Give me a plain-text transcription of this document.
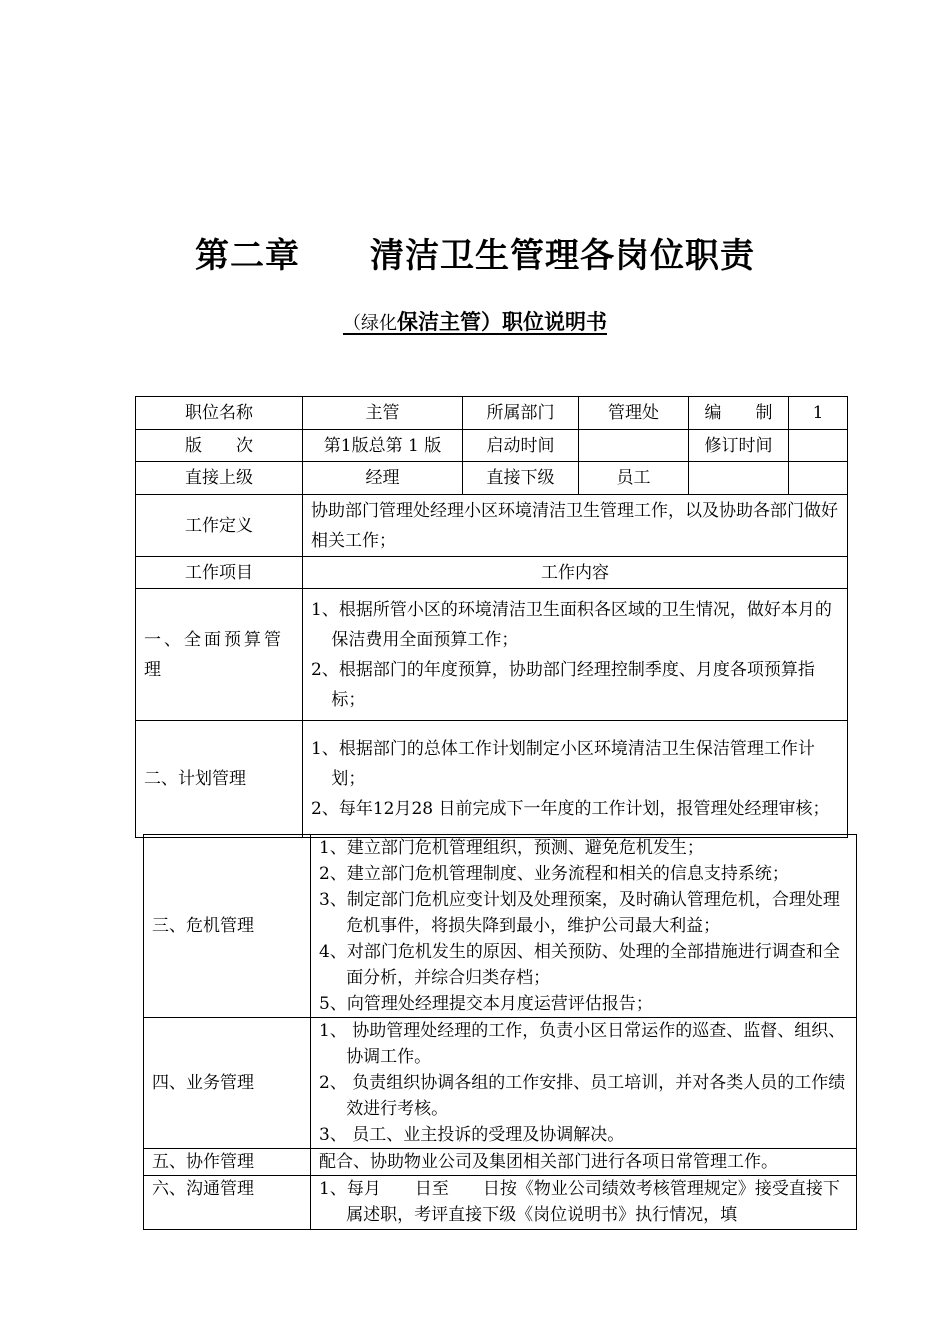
第二章 清洁卫生管理各岗位职责
（绿化保洁主管）职位说明书
职位名称	主管	所属部门	管理处	编　　制	1
版　　次	第1版总第 1 版	启动时间		修订时间	
直接上级	经理	直接下级	员工		
工作定义	协助部门管理处经理小区环境清洁卫生管理工作，以及协助各部门做好相关工作；				
工作项目	工作内容				
一、全面预算管理	1、根据所管小区的环境清洁卫生面积各区域的卫生情况，做好本月的保洁费用全面预算工作；

2、根据部门的年度预算，协助部门经理控制季度、月度各项预算指标；				

二、计划管理	1、根据部门的总体工作计划制定小区环境清洁卫生保洁管理工作计划；

2、每年12月28 日前完成下一年度的工作计划，报管理处经理审核；				

三、危机管理	1、建立部门危机管理组织，预测、避免危机发生；

2、建立部门危机管理制度、业务流程和相关的信息支持系统；

3、制定部门危机应变计划及处理预案，及时确认管理危机，合理处理危机事件，将损失降到最小，维护公司最大利益；

4、对部门危机发生的原因、相关预防、处理的全部措施进行调查和全面分析，并综合归类存档；

5、向管理处经理提交本月度运营评估报告；

四、业务管理	1、 协助管理处经理的工作，负责小区日常运作的巡查、监督、组织、协调工作。

2、 负责组织协调各组的工作安排、员工培训，并对各类人员的工作绩效进行考核。

3、 员工、业主投诉的受理及协调解决。

五、协作管理	配合、协助物业公司及集团相关部门进行各项日常管理工作。
六、沟通管理	1、每月　　日至　　日按《物业公司绩效考核管理规定》接受直接下属述职，考评直接下级《岗位说明书》执行情况，填
